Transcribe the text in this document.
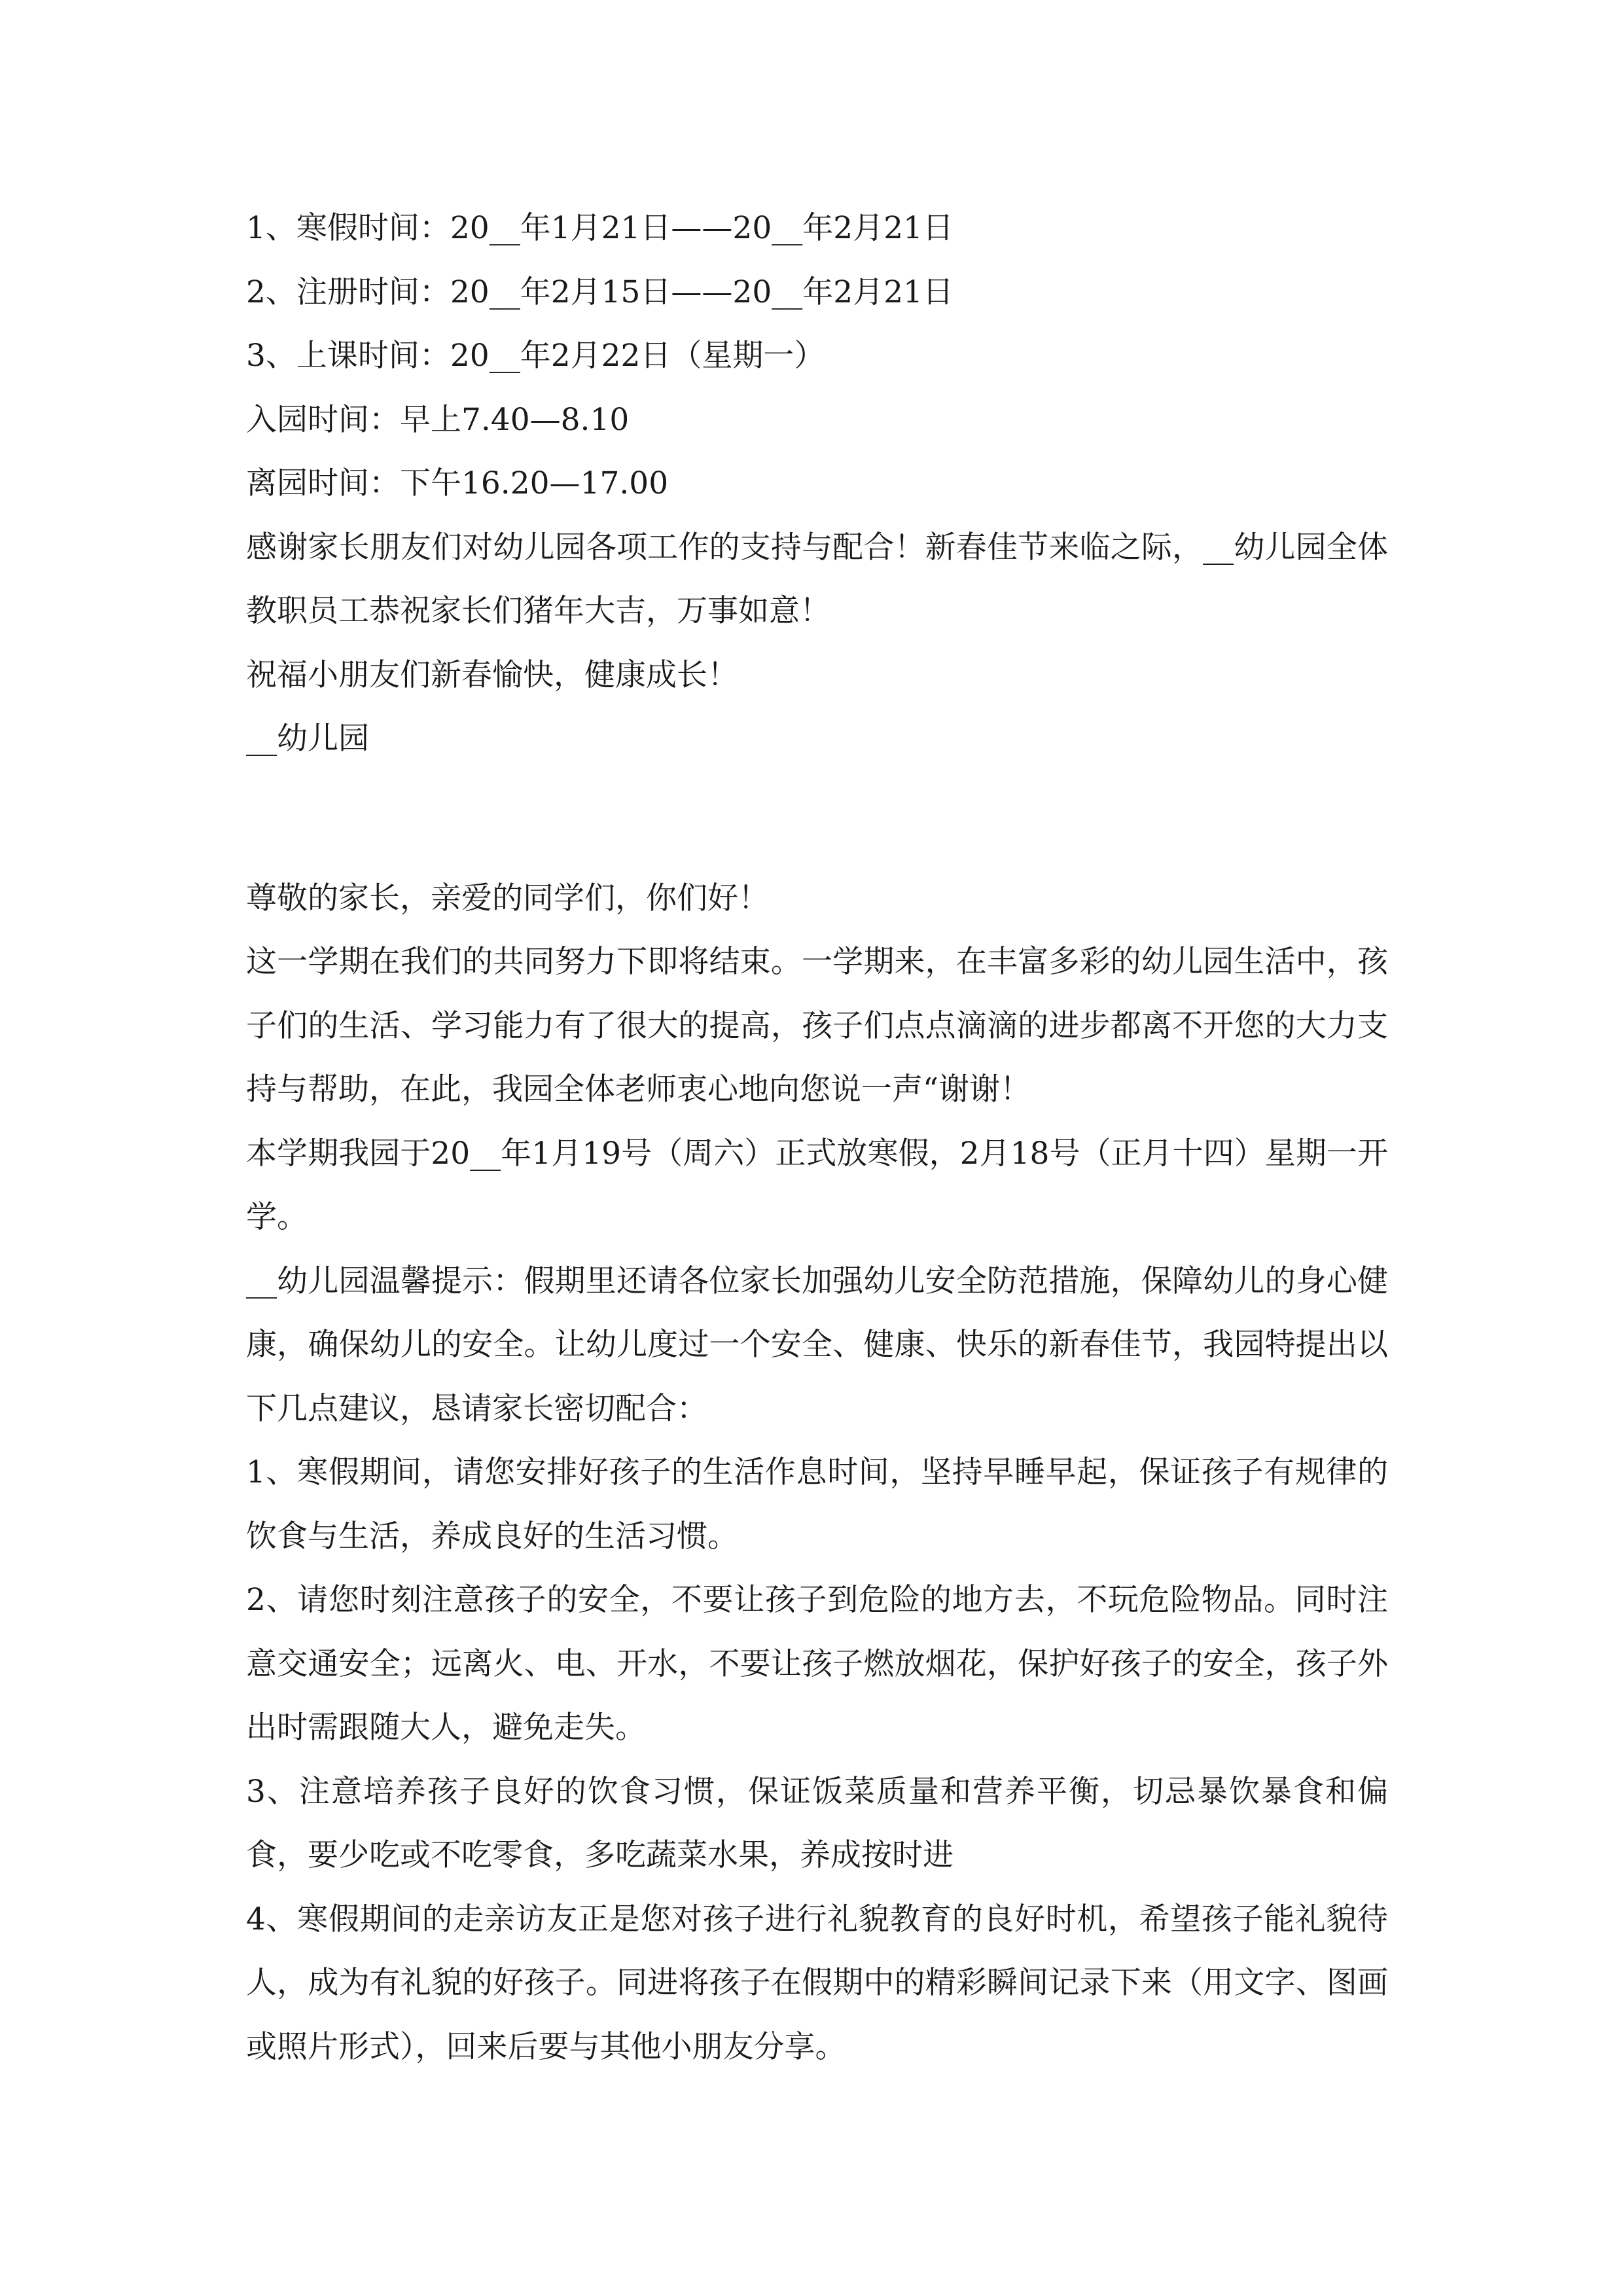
1、寒假时间：20__年1月21日——20__年2月21日

2、注册时间：20__年2月15日——20__年2月21日

3、上课时间：20__年2月22日（星期一）

入园时间：早上7.40—8.10

离园时间：下午16.20—17.00

感谢家长朋友们对幼儿园各项工作的支持与配合！新春佳节来临之际，__幼儿园全体教职员工恭祝家长们猪年大吉，万事如意！

祝福小朋友们新春愉快，健康成长！

__幼儿园

尊敬的家长，亲爱的同学们，你们好！

这一学期在我们的共同努力下即将结束。一学期来，在丰富多彩的幼儿园生活中，孩子们的生活、学习能力有了很大的提高，孩子们点点滴滴的进步都离不开您的大力支持与帮助，在此，我园全体老师衷心地向您说一声“谢谢！

本学期我园于20__年1月19号（周六）正式放寒假，2月18号（正月十四）星期一开学。

__幼儿园温馨提示：假期里还请各位家长加强幼儿安全防范措施，保障幼儿的身心健康，确保幼儿的安全。让幼儿度过一个安全、健康、快乐的新春佳节，我园特提出以下几点建议，恳请家长密切配合：

1、寒假期间，请您安排好孩子的生活作息时间，坚持早睡早起，保证孩子有规律的饮食与生活，养成良好的生活习惯。

2、请您时刻注意孩子的安全，不要让孩子到危险的地方去，不玩危险物品。同时注意交通安全；远离火、电、开水，不要让孩子燃放烟花，保护好孩子的安全，孩子外出时需跟随大人，避免走失。

3、注意培养孩子良好的饮食习惯，保证饭菜质量和营养平衡，切忌暴饮暴食和偏食，要少吃或不吃零食，多吃蔬菜水果，养成按时进

4、寒假期间的走亲访友正是您对孩子进行礼貌教育的良好时机，希望孩子能礼貌待人，成为有礼貌的好孩子。同进将孩子在假期中的精彩瞬间记录下来（用文字、图画或照片形式），回来后要与其他小朋友分享。
